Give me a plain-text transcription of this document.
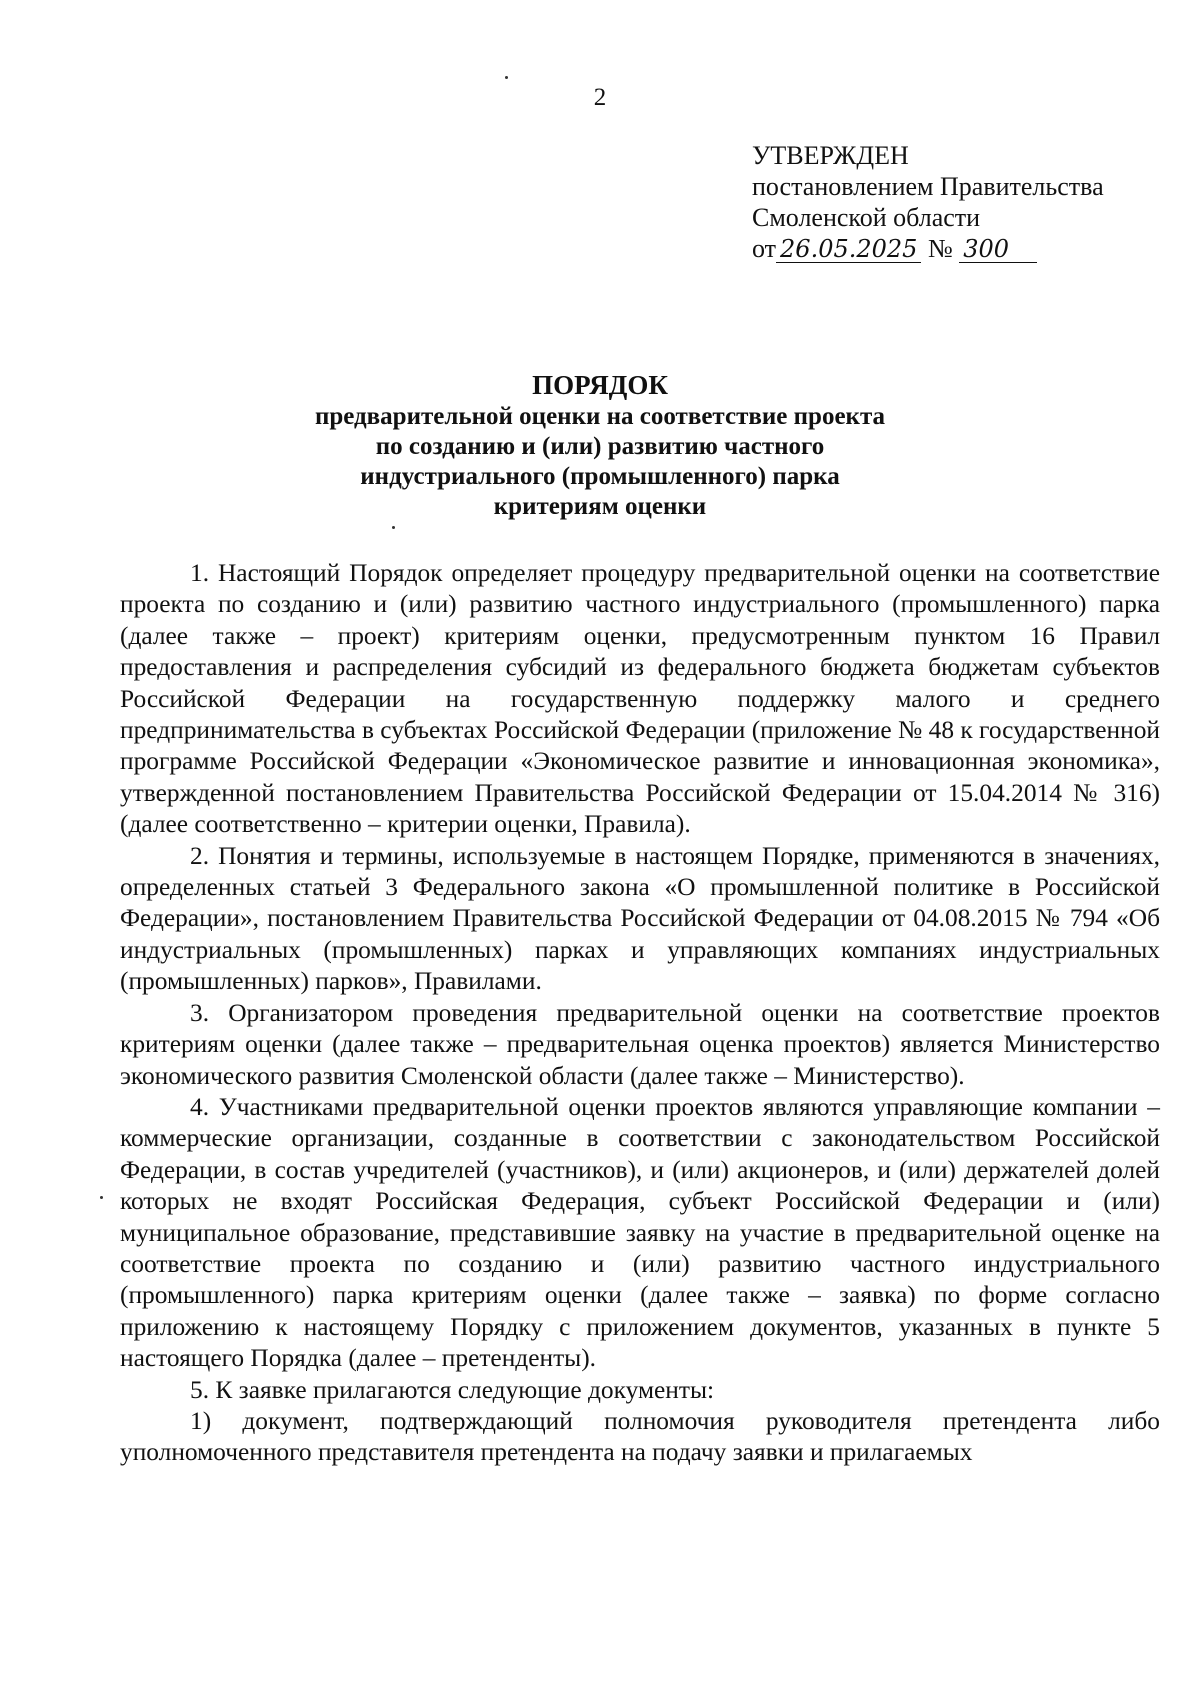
2
УТВЕРЖДЕН
постановлением Правительства
Смоленской области
от 26.05.2025 № 300
ПОРЯДОК
предварительной оценки на соответствие проекта
по созданию и (или) развитию частного
индустриального (промышленного) парка
критериям оценки

1. Настоящий Порядок определяет процедуру предварительной оценки на соответствие проекта по созданию и (или) развитию частного индустриального (промышленного) парка (далее также – проект) критериям оценки, предусмотренным пунктом 16 Правил предоставления и распределения субсидий из федерального бюджета бюджетам субъектов Российской Федерации на государственную поддержку малого и среднего предпринимательства в субъектах Российской Федерации (приложение № 48 к государственной программе Российской Федерации «Экономическое развитие и инновационная экономика», утвержденной постановлением Правительства Российской Федерации от 15.04.2014 № 316) (далее соответственно – критерии оценки, Правила).

2. Понятия и термины, используемые в настоящем Порядке, применяются в значениях, определенных статьей 3 Федерального закона «О промышленной политике в Российской Федерации», постановлением Правительства Российской Федерации от 04.08.2015 № 794 «Об индустриальных (промышленных) парках и управляющих компаниях индустриальных (промышленных) парков», Правилами.

3. Организатором проведения предварительной оценки на соответствие проектов критериям оценки (далее также – предварительная оценка проектов) является Министерство экономического развития Смоленской области (далее также – Министерство).

4. Участниками предварительной оценки проектов являются управляющие компании – коммерческие организации, созданные в соответствии с законодательством Российской Федерации, в состав учредителей (участников), и (или) акционеров, и (или) держателей долей которых не входят Российская Федерация, субъект Российской Федерации и (или) муниципальное образование, представившие заявку на участие в предварительной оценке на соответствие проекта по созданию и (или) развитию частного индустриального (промышленного) парка критериям оценки (далее также – заявка) по форме согласно приложению к настоящему Порядку с приложением документов, указанных в пункте 5 настоящего Порядка (далее – претенденты).

5. К заявке прилагаются следующие документы:

1) документ, подтверждающий полномочия руководителя претендента либо уполномоченного представителя претендента на подачу заявки и прилагаемых
